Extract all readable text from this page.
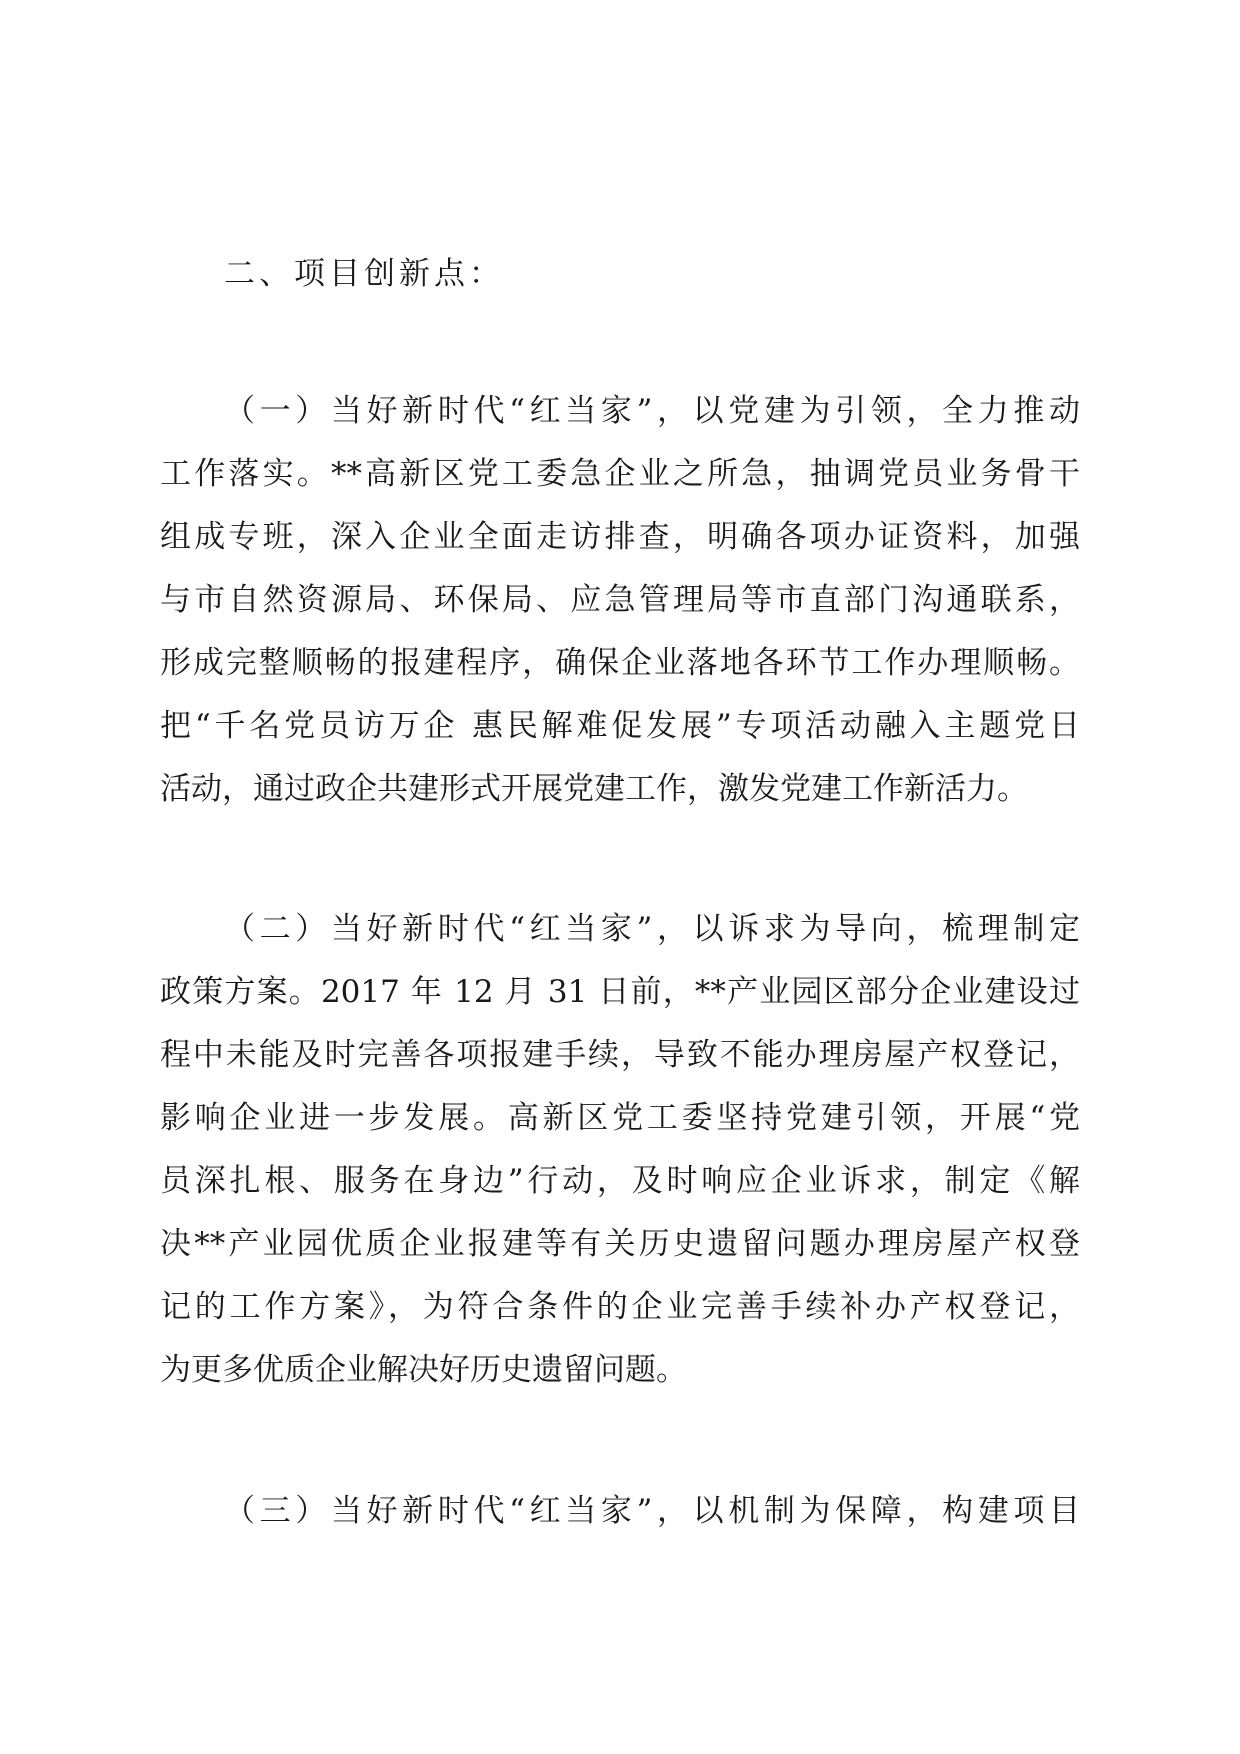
二、项目创新点：
（一）当好新时代“红当家”，以党建为引领，全力推动
工作落实。**高新区党工委急企业之所急，抽调党员业务骨干
组成专班，深入企业全面走访排查，明确各项办证资料，加强
与市自然资源局、环保局、应急管理局等市直部门沟通联系，
形成完整顺畅的报建程序，确保企业落地各环节工作办理顺畅。
把“千名党员访万企 惠民解难促发展”专项活动融入主题党日
活动，通过政企共建形式开展党建工作，激发党建工作新活力。
（二）当好新时代“红当家”，以诉求为导向，梳理制定
政策方案。2017 年 12 月 31 日前，**产业园区部分企业建设过
程中未能及时完善各项报建手续，导致不能办理房屋产权登记，
影响企业进一步发展。高新区党工委坚持党建引领，开展“党
员深扎根、服务在身边”行动，及时响应企业诉求，制定《解
决**产业园优质企业报建等有关历史遗留问题办理房屋产权登
记的工作方案》，为符合条件的企业完善手续补办产权登记，
为更多优质企业解决好历史遗留问题。
（三）当好新时代“红当家”，以机制为保障，构建项目
